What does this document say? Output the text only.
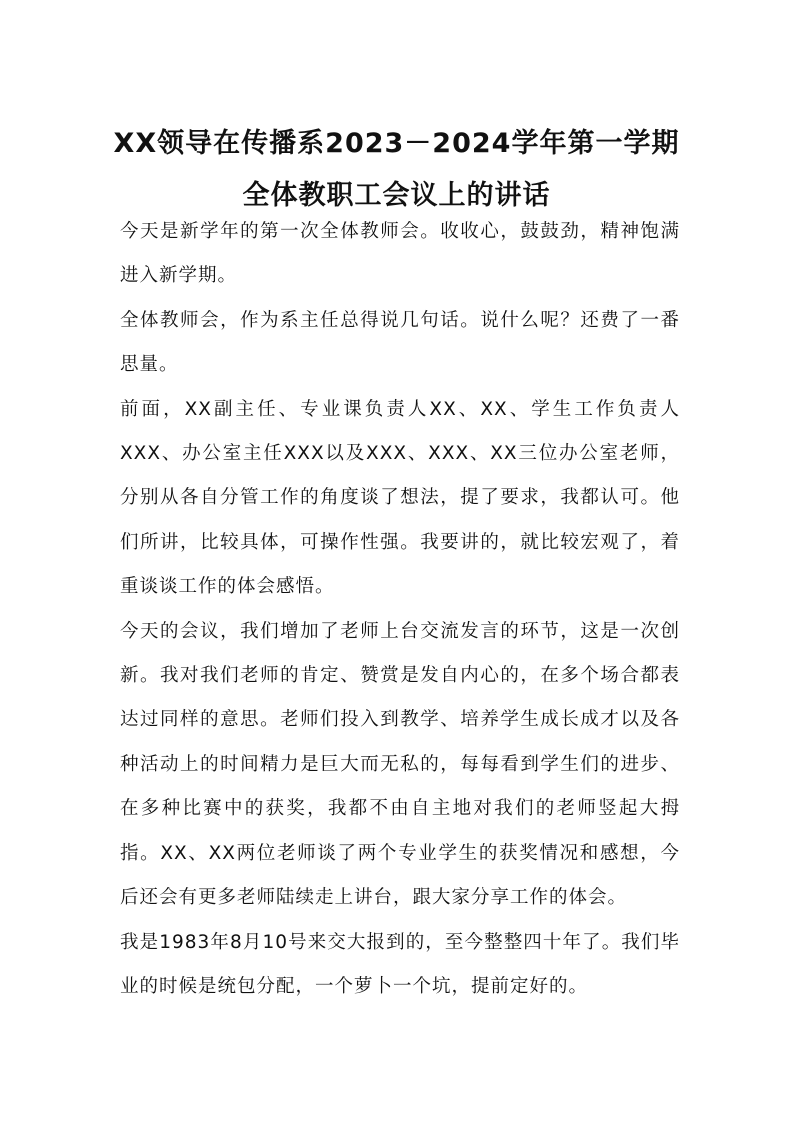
XX领导在传播系2023－2024学年第一学期
全体教职工会议上的讲话

今天是新学年的第一次全体教师会。收收心，鼓鼓劲，精神饱满进入新学期。

全体教师会，作为系主任总得说几句话。说什么呢？还费了一番思量。

前面，XX副主任、专业课负责人XX、XX、学生工作负责人XXX、办公室主任XXX以及XXX、XXX、XX三位办公室老师，分别从各自分管工作的角度谈了想法，提了要求，我都认可。他们所讲，比较具体，可操作性强。我要讲的，就比较宏观了，着重谈谈工作的体会感悟。

今天的会议，我们增加了老师上台交流发言的环节，这是一次创新。我对我们老师的肯定、赞赏是发自内心的，在多个场合都表达过同样的意思。老师们投入到教学、培养学生成长成才以及各种活动上的时间精力是巨大而无私的，每每看到学生们的进步、在多种比赛中的获奖，我都不由自主地对我们的老师竖起大拇指。XX、XX两位老师谈了两个专业学生的获奖情况和感想，今后还会有更多老师陆续走上讲台，跟大家分享工作的体会。

我是1983年8月10号来交大报到的，至今整整四十年了。我们毕业的时候是统包分配，一个萝卜一个坑，提前定好的。
